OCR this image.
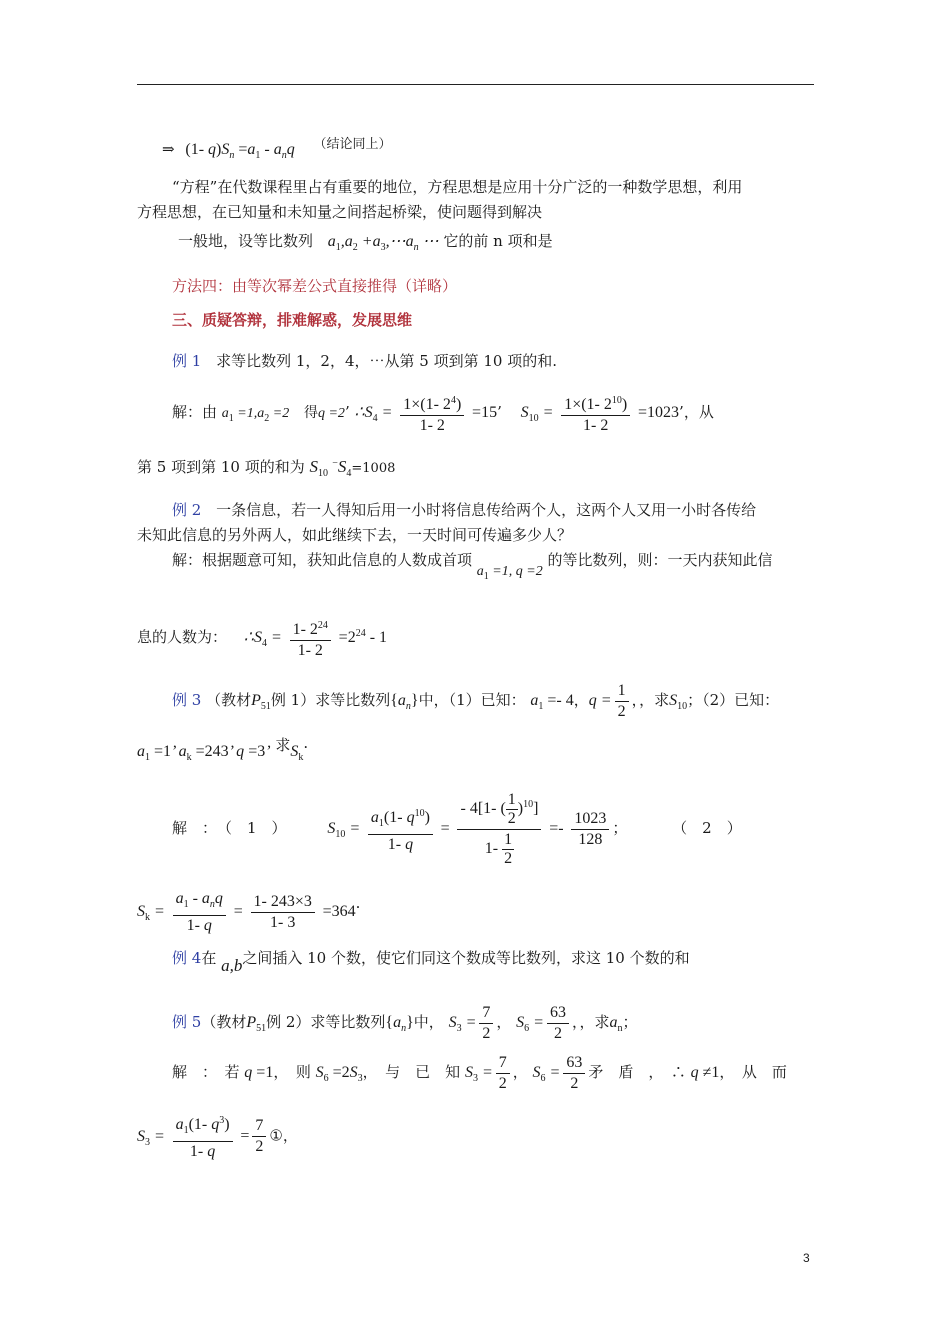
⇒ (1- $q)S_n =a_1 - a_nq$ （结论同上）
“方程”在代数课程里占有重要的地位，方程思想是应用十分广泛的一种数学思想，利用
方程思想，在已知量和未知量之间搭起桥梁，使问题得到解决
一般地，设等比数列 $a_1,a_2$ $+a_3,\cdots a_n$ ⋯ 它的前 n 项和是
方法四：由等次幂差公式直接推得（详略）
三、质疑答辩，排难解惑，发展思维
例 1 求等比数列 1，2，4，⋯从第 5 项到第 10 项的和.
解：由 $a_1 =1,a_2 =2$ 得q =2’ $\therefore S_4 = \frac{1\times(1- 2^4)}{1- 2} =15$’ $S_{10} = \frac{1\times(1- 2^{10})}{1- 2} =1023$’，从
第 5 项到第 10 项的和为 $S_{10}$ $^-S_4=1008$
例 2 一条信息，若一人得知后用一小时将信息传给两个人，这两个人又用一小时各传给
未知此信息的另外两人，如此继续下去，一天时间可传遍多少人？
解：根据题意可知，获知此信息的人数成首项 $a_1 =1$, q =2 的等比数列，则：一天内获知此信
息的人数为： $\therefore S_4 = \frac{1- 2^{24}}{1- 2} =2^{24} - 1$
例 3 （教材$P_{51}$例 1）求等比数列$\{a_n\}$中，（1）已知： $a_1 =- 4$，$q = \frac{1}{2}$ ，，求$S_{10}$；（2）已知：
$a_1 =1$’ $a_k =243$’ q =3’ 求$S_k\cdot$
解　：　（　1　）	$S_{10} = \frac{a_1(1- q^{10})}{1- q} = \frac{- 4[1- ( \frac{1}{2} )^{10}]}{1- \frac{1}{2}} =- \frac{1023}{128}$ ；	（　2　）
$S_k = \frac{a_1 - a_nq}{1- q} = \frac{1- 243\times 3}{1- 3} =364\cdot$
例 4在 a,b之间插入 10 个数，使它们同这个数成等比数列，求这 10 个数的和
例 5（教材$P_{51}$例 2）求等比数列$\{a_n\}$中， $S_3 = \frac{7}{2}$ ， $S_6 = \frac{63}{2}$ ，，求$a_n$；
解　：　若 q =1，　则 $S_6 =2S_3$，　与　已　知 $S_3 = \frac{7}{2}$ ， $S_6 = \frac{63}{2}$ 矛　盾　，　∴ q ≠1，　从　而
$S_3 = \frac{a_1(1- q^3)}{1- q} = \frac{7}{2}$ ①，
3
